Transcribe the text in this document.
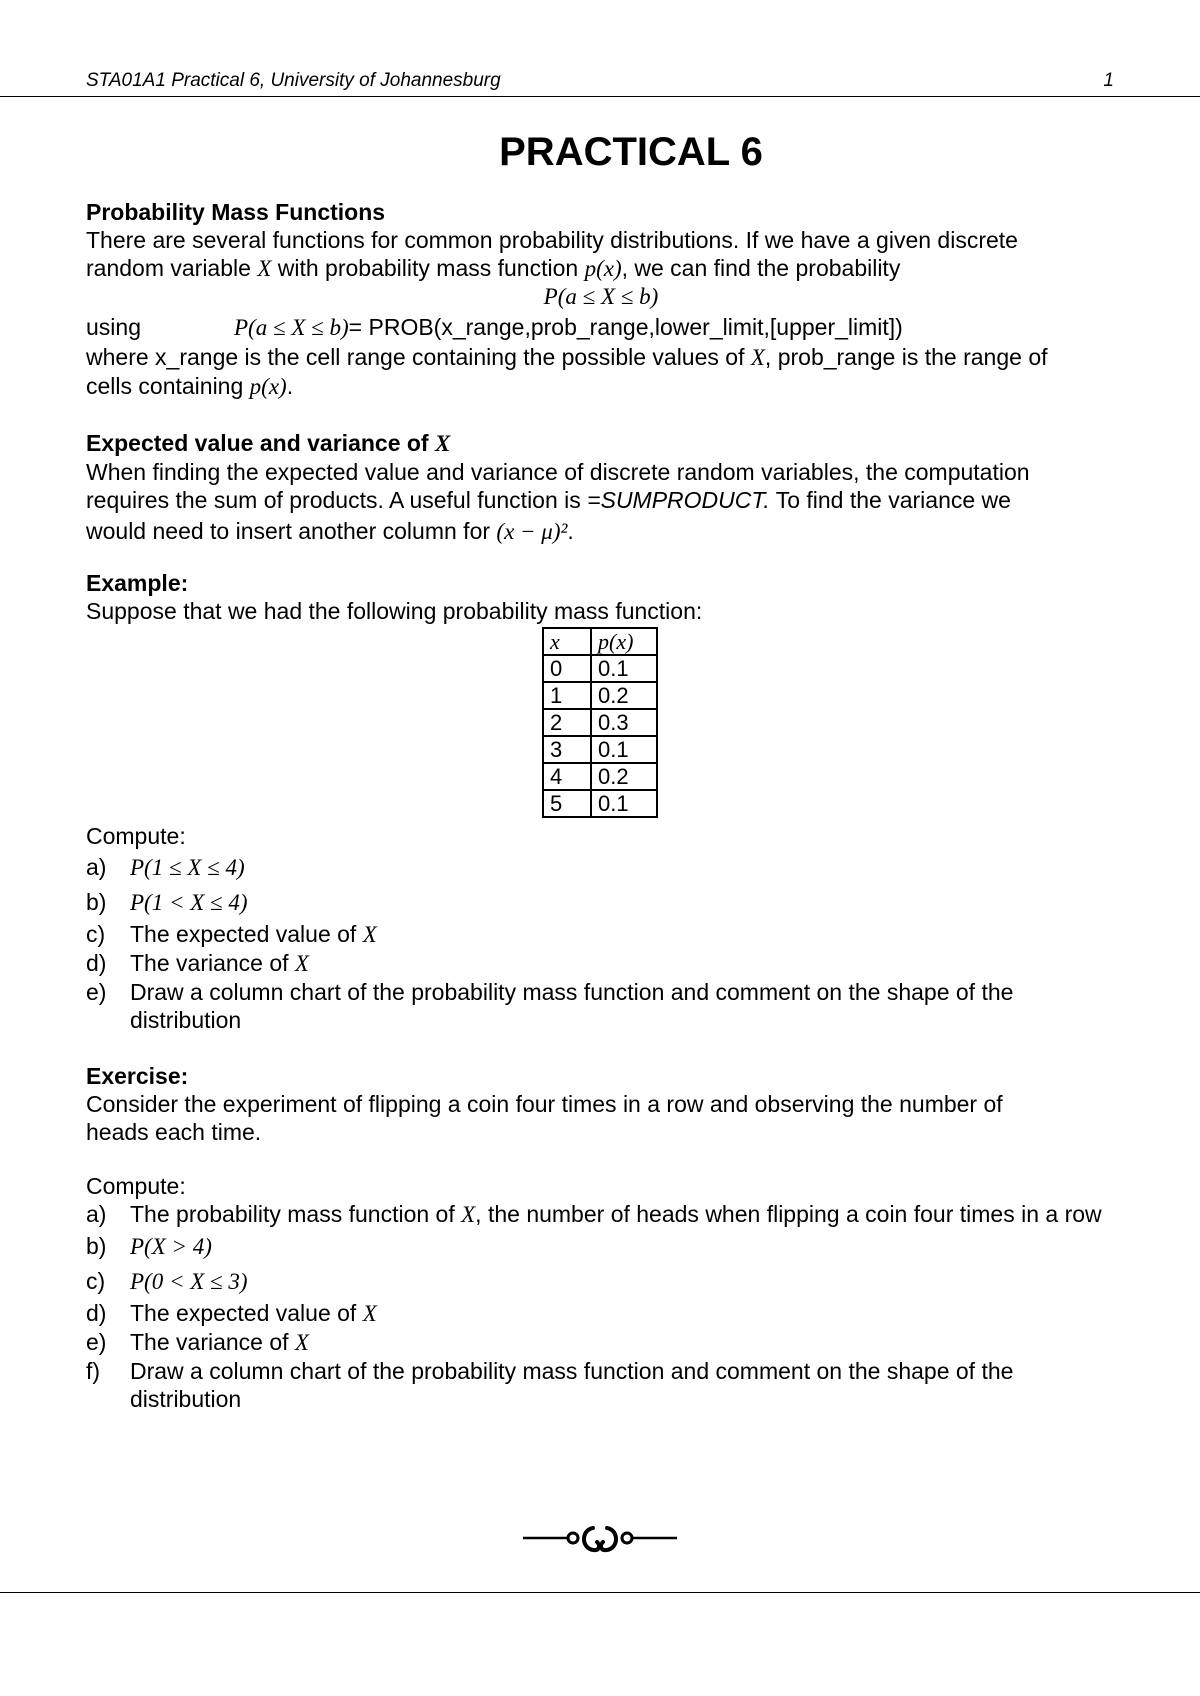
STA01A1 Practical 6, University of Johannesburg	1
PRACTICAL 6
Probability Mass Functions
There are several functions for common probability distributions. If we have a given discrete
random variable X with probability mass function p(x), we can find the probability
P(a ≤ X ≤ b)
using	P(a ≤ X ≤ b)= PROB(x_range,prob_range,lower_limit,[upper_limit])
where x_range is the cell range containing the possible values of X, prob_range is the range of
cells containing p(x).
Expected value and variance of X
When finding the expected value and variance of discrete random variables, the computation
requires the sum of products. A useful function is =SUMPRODUCT. To find the variance we
would need to insert another column for (x − μ)².
Example:
Suppose that we had the following probability mass function:
x	p(x)
0	0.1
1	0.2
2	0.3
3	0.1
4	0.2
5	0.1
Compute:
a) P(1 ≤ X ≤ 4)
b) P(1 < X ≤ 4)
c) The expected value of X
d) The variance of X
e) Draw a column chart of the probability mass function and comment on the shape of the distribution
Exercise:
Consider the experiment of flipping a coin four times in a row and observing the number of
heads each time.
Compute:
a) The probability mass function of X, the number of heads when flipping a coin four times in a row
b) P(X > 4)
c) P(0 < X ≤ 3)
d) The expected value of X
e) The variance of X
f) Draw a column chart of the probability mass function and comment on the shape of the distribution
